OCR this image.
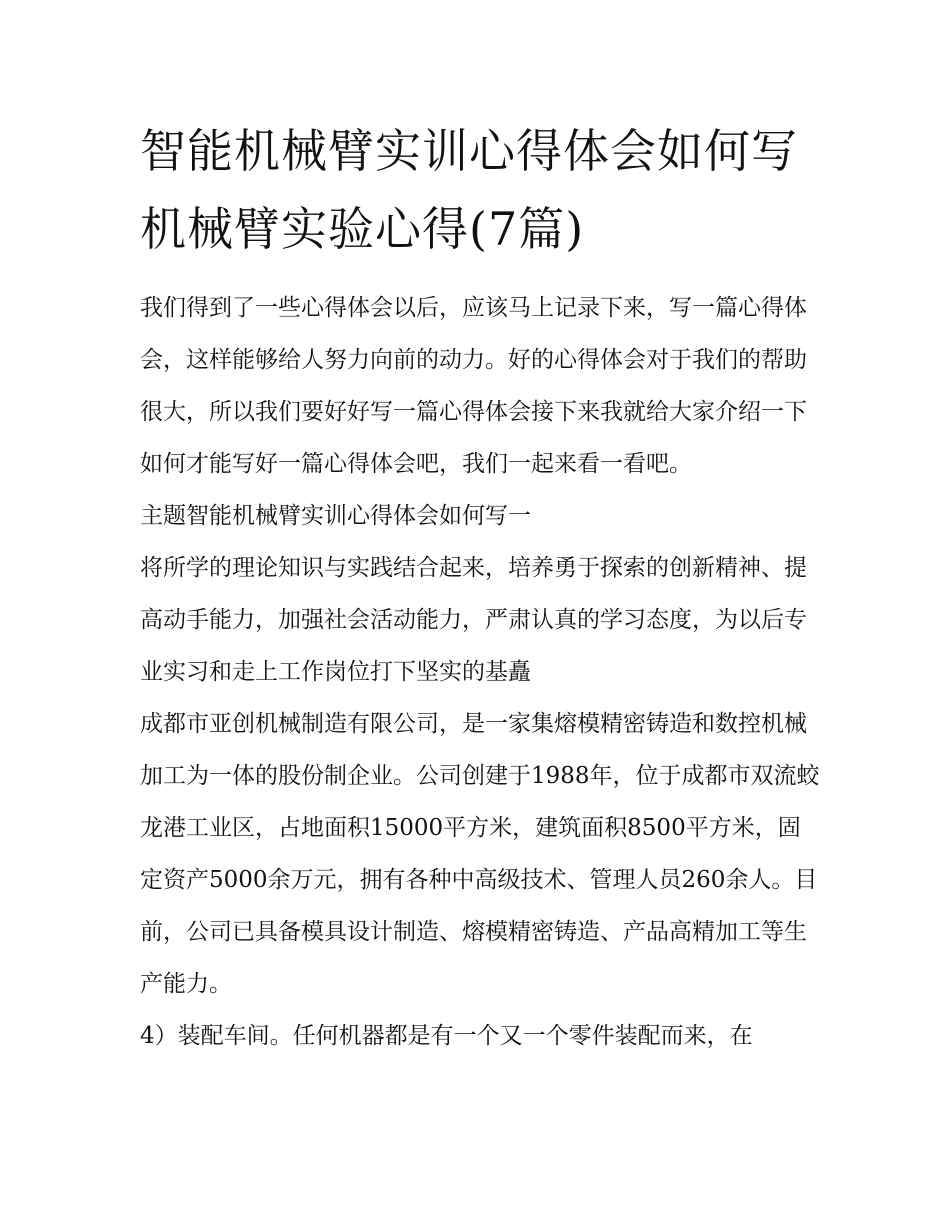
智能机械臂实训心得体会如何写 机械臂实验心得(7篇)

我们得到了一些心得体会以后，应该马上记录下来，写一篇心得体会，这样能够给人努力向前的动力。好的心得体会对于我们的帮助很大，所以我们要好好写一篇心得体会接下来我就给大家介绍一下如何才能写好一篇心得体会吧，我们一起来看一看吧。

主题智能机械臂实训心得体会如何写一

将所学的理论知识与实践结合起来，培养勇于探索的创新精神、提高动手能力，加强社会活动能力，严肃认真的学习态度，为以后专业实习和走上工作岗位打下坚实的基矗

成都市亚创机械制造有限公司，是一家集熔模精密铸造和数控机械加工为一体的股份制企业。公司创建于1988年，位于成都市双流蛟龙港工业区，占地面积15000平方米，建筑面积8500平方米，固定资产5000余万元，拥有各种中高级技术、管理人员260余人。目前，公司已具备模具设计制造、熔模精密铸造、产品高精加工等生产能力。

4）装配车间。任何机器都是有一个又一个零件装配而来，在
